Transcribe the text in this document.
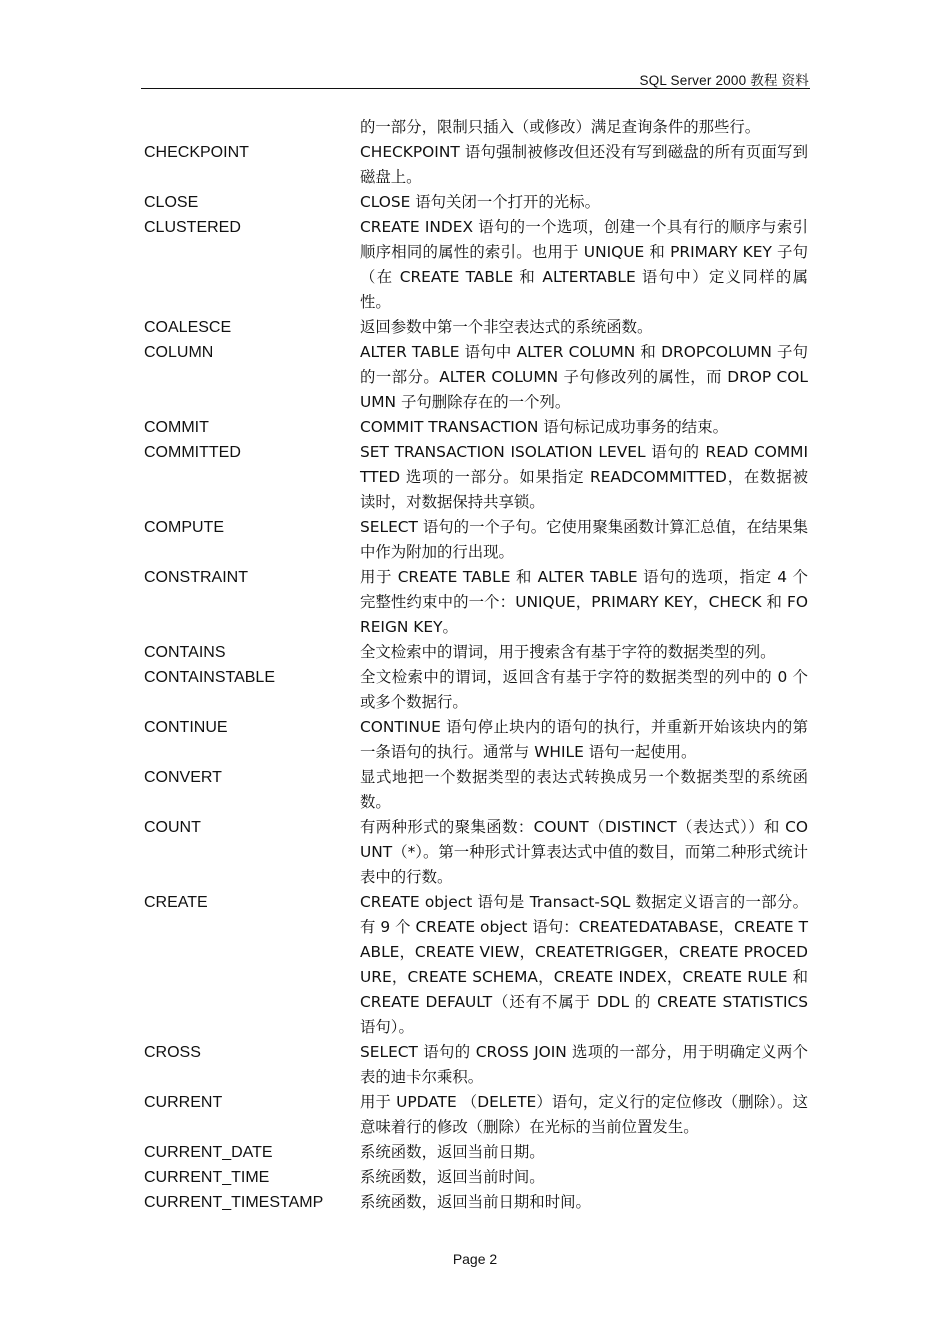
SQL Server 2000 教程 资料
的一部分，限制只插入（或修改）满足查询条件的那些行。
CHECKPOINT	CHECKPOINT 语句强制被修改但还没有写到磁盘的所有页面写到磁盘上。
CLOSE	CLOSE 语句关闭一个打开的光标。
CLUSTERED	CREATE INDEX 语句的一个选项，创建一个具有行的顺序与索引顺序相同的属性的索引。也用于 UNIQUE 和 PRIMARY KEY 子句（在 CREATE TABLE 和 ALTERTABLE 语句中）定义同样的属性。
COALESCE	返回参数中第一个非空表达式的系统函数。
COLUMN	ALTER TABLE 语句中 ALTER COLUMN 和 DROPCOLUMN 子句的一部分。ALTER COLUMN 子句修改列的属性，而 DROP COLUMN 子句删除存在的一个列。
COMMIT	COMMIT TRANSACTION 语句标记成功事务的结束。
COMMITTED	SET TRANSACTION ISOLATION LEVEL 语句的 READ COMMITTED 选项的一部分。如果指定 READCOMMITTED，在数据被读时，对数据保持共享锁。
COMPUTE	SELECT 语句的一个子句。它使用聚集函数计算汇总值，在结果集中作为附加的行出现。
CONSTRAINT	用于 CREATE TABLE 和 ALTER TABLE 语句的选项，指定 4 个完整性约束中的一个：UNIQUE，PRIMARY KEY，CHECK 和 FOREIGN KEY。
CONTAINS	全文检索中的谓词，用于搜索含有基于字符的数据类型的列。
CONTAINSTABLE	全文检索中的谓词，返回含有基于字符的数据类型的列中的 0 个或多个数据行。
CONTINUE	CONTINUE 语句停止块内的语句的执行，并重新开始该块内的第一条语句的执行。通常与 WHILE 语句一起使用。
CONVERT	显式地把一个数据类型的表达式转换成另一个数据类型的系统函数。
COUNT	有两种形式的聚集函数：COUNT（DISTINCT（表达式））和 COUNT（*）。第一种形式计算表达式中值的数目，而第二种形式统计表中的行数。
CREATE	CREATE object 语句是 Transact-SQL 数据定义语言的一部分。有 9 个 CREATE object 语句：CREATEDATABASE，CREATE TABLE，CREATE VIEW，CREATETRIGGER，CREATE PROCEDURE，CREATE SCHEMA，CREATE INDEX，CREATE RULE 和 CREATE DEFAULT（还有不属于 DDL 的 CREATE STATISTICS 语句）。
CROSS	SELECT 语句的 CROSS JOIN 选项的一部分，用于明确定义两个表的迪卡尔乘积。
CURRENT	用于 UPDATE （DELETE）语句，定义行的定位修改（删除）。这意味着行的修改（删除）在光标的当前位置发生。
CURRENT_DATE	系统函数，返回当前日期。
CURRENT_TIME	系统函数，返回当前时间。
CURRENT_TIMESTAMP	系统函数，返回当前日期和时间。
Page 2
